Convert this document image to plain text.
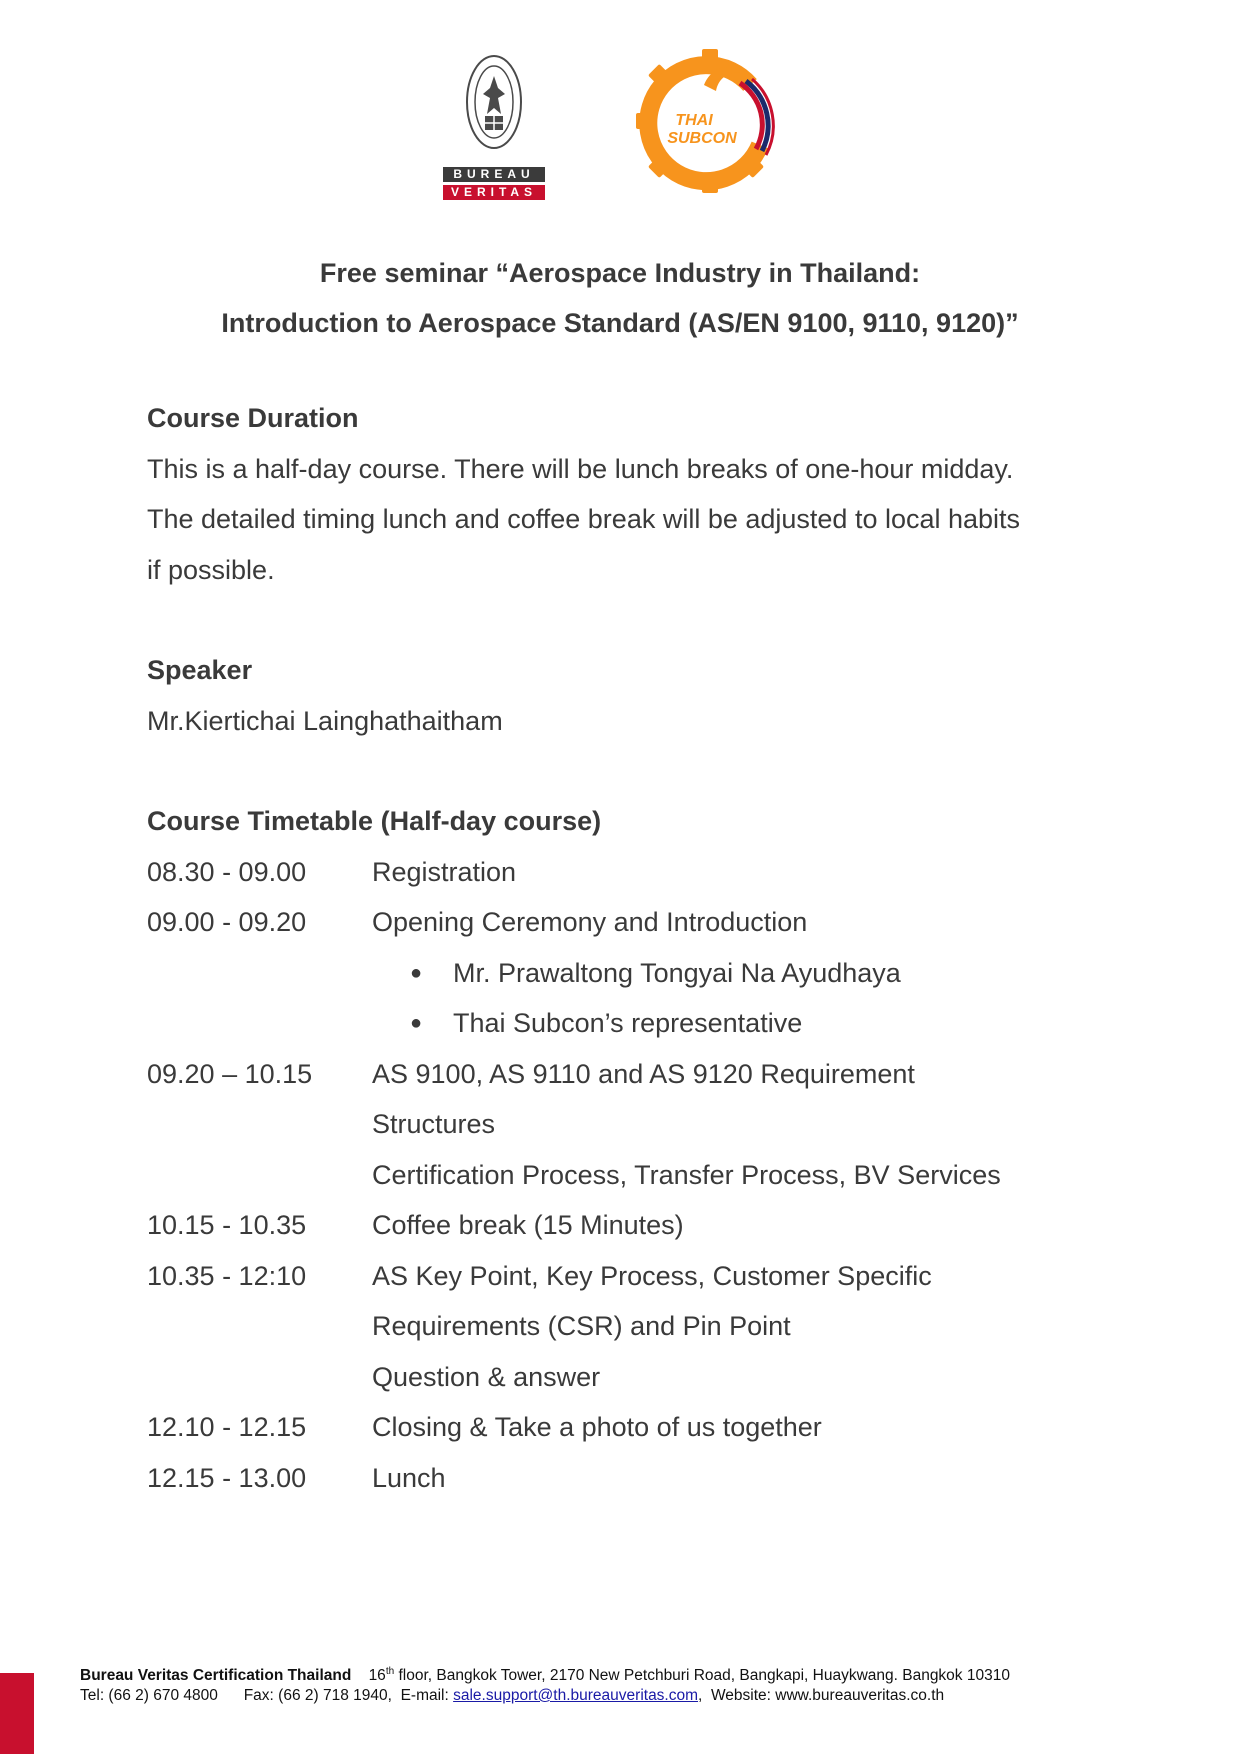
BUREAU
VERITAS
THAI
SUBCON
Free seminar “Aerospace Industry in Thailand:
Introduction to Aerospace Standard (AS/EN 9100, 9110, 9120)”

Course Duration

This is a half-day course. There will be lunch breaks of one-hour midday.

The detailed timing lunch and coffee break will be adjusted to local habits

if possible.

Speaker

Mr.Kiertichai Lainghathaitham

Course Timetable (Half-day course)

08.30 - 09.00	Registration
09.00 - 09.20	Opening Ceremony and Introduction
●	Mr. Prawaltong Tongyai Na Ayudhaya
●	Thai Subcon’s representative
09.20 – 10.15	AS 9100, AS 9110 and AS 9120 Requirement
Structures
Certification Process, Transfer Process, BV Services
10.15 - 10.35	Coffee break (15 Minutes)
10.35 - 12:10	AS Key Point, Key Process, Customer Specific
Requirements (CSR) and Pin Point
Question & answer
12.10 - 12.15	Closing & Take a photo of us together
12.15 - 13.00	Lunch
Bureau Veritas Certification Thailand 16th floor, Bangkok Tower, 2170 New Petchburi Road, Bangkapi, Huaykwang. Bangkok 10310
Tel: (66 2) 670 4800 Fax: (66 2) 718 1940, E-mail: sale.support@th.bureauveritas.com,  Website: www.bureauveritas.co.th
